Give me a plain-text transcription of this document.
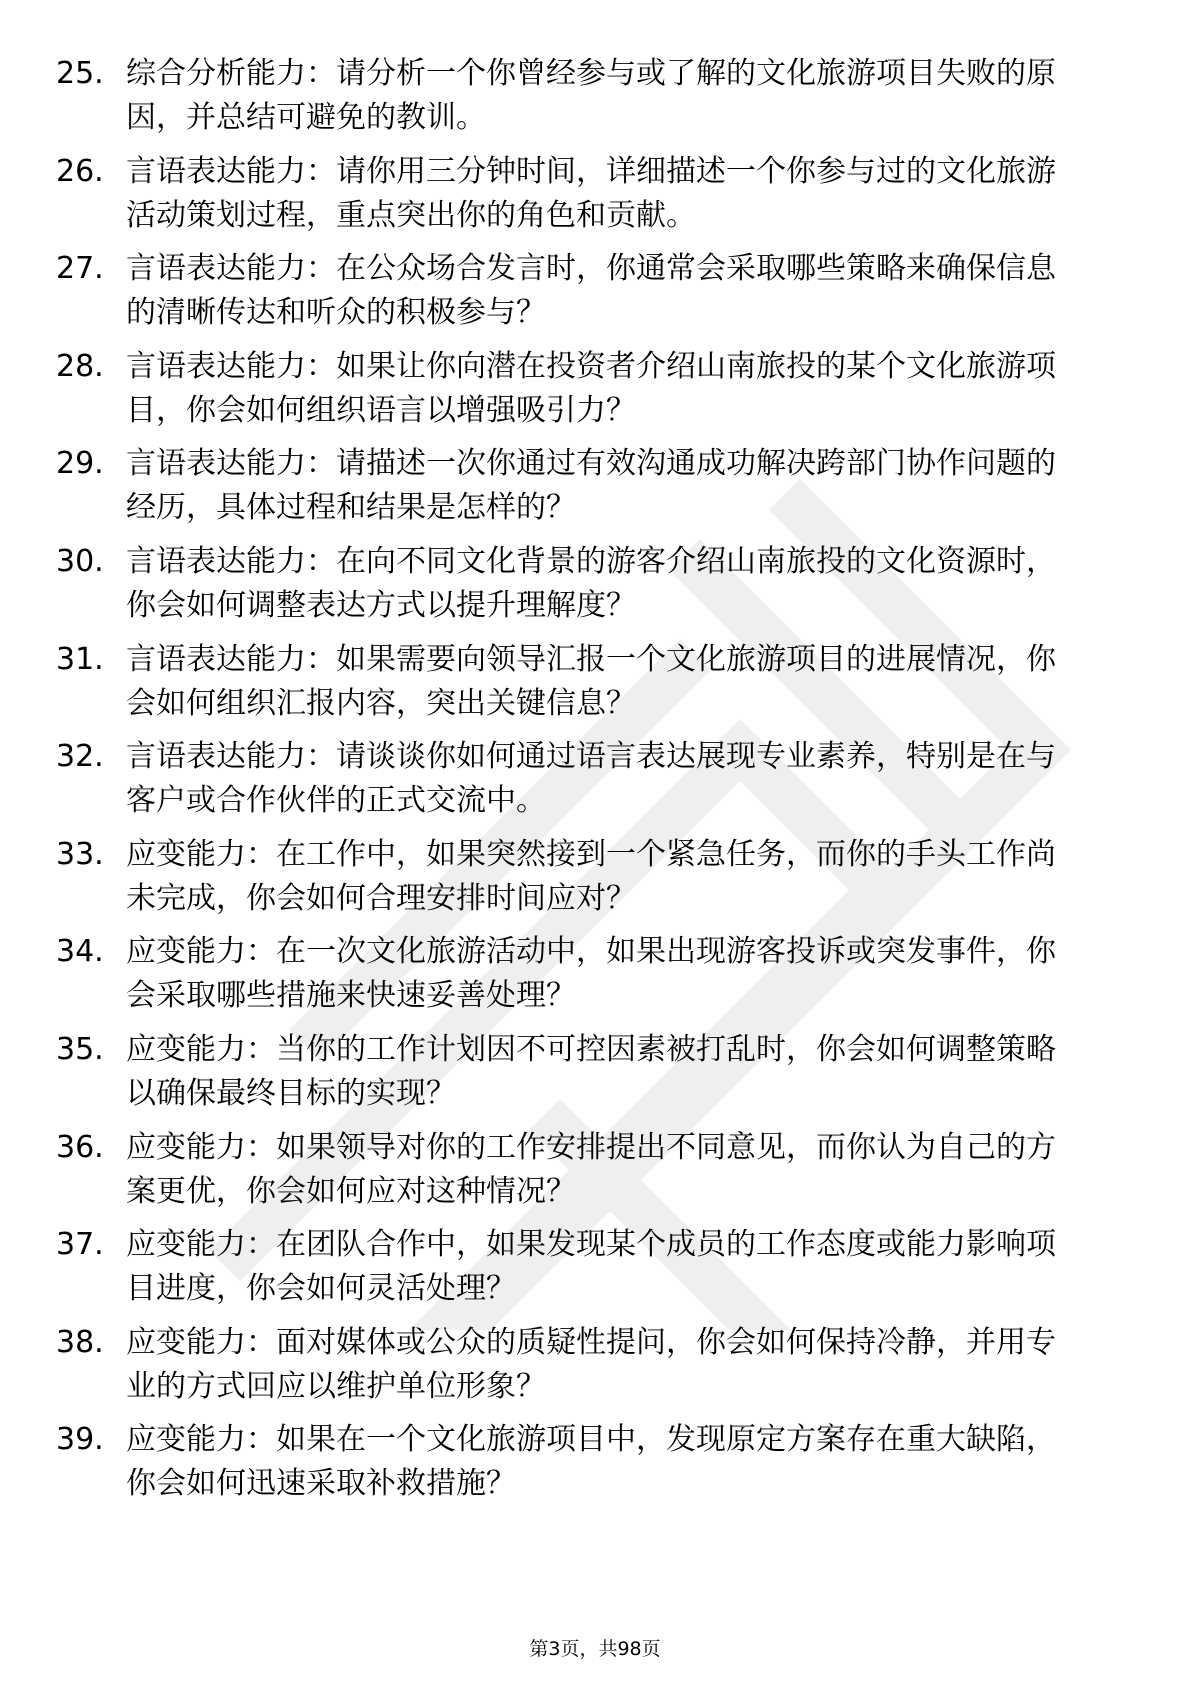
25. 综合分析能力：请分析一个你曾经参与或了解的文化旅游项目失败的原因，并总结可避免的教训。
26. 言语表达能力：请你用三分钟时间，详细描述一个你参与过的文化旅游活动策划过程，重点突出你的角色和贡献。
27. 言语表达能力：在公众场合发言时，你通常会采取哪些策略来确保信息的清晰传达和听众的积极参与？
28. 言语表达能力：如果让你向潜在投资者介绍山南旅投的某个文化旅游项目，你会如何组织语言以增强吸引力？
29. 言语表达能力：请描述一次你通过有效沟通成功解决跨部门协作问题的经历，具体过程和结果是怎样的？
30. 言语表达能力：在向不同文化背景的游客介绍山南旅投的文化资源时，你会如何调整表达方式以提升理解度？
31. 言语表达能力：如果需要向领导汇报一个文化旅游项目的进展情况，你会如何组织汇报内容，突出关键信息？
32. 言语表达能力：请谈谈你如何通过语言表达展现专业素养，特别是在与客户或合作伙伴的正式交流中。
33. 应变能力：在工作中，如果突然接到一个紧急任务，而你的手头工作尚未完成，你会如何合理安排时间应对？
34. 应变能力：在一次文化旅游活动中，如果出现游客投诉或突发事件，你会采取哪些措施来快速妥善处理？
35. 应变能力：当你的工作计划因不可控因素被打乱时，你会如何调整策略以确保最终目标的实现？
36. 应变能力：如果领导对你的工作安排提出不同意见，而你认为自己的方案更优，你会如何应对这种情况？
37. 应变能力：在团队合作中，如果发现某个成员的工作态度或能力影响项目进度，你会如何灵活处理？
38. 应变能力：面对媒体或公众的质疑性提问，你会如何保持冷静，并用专业的方式回应以维护单位形象？
39. 应变能力：如果在一个文化旅游项目中，发现原定方案存在重大缺陷，你会如何迅速采取补救措施？
第3页，共98页
